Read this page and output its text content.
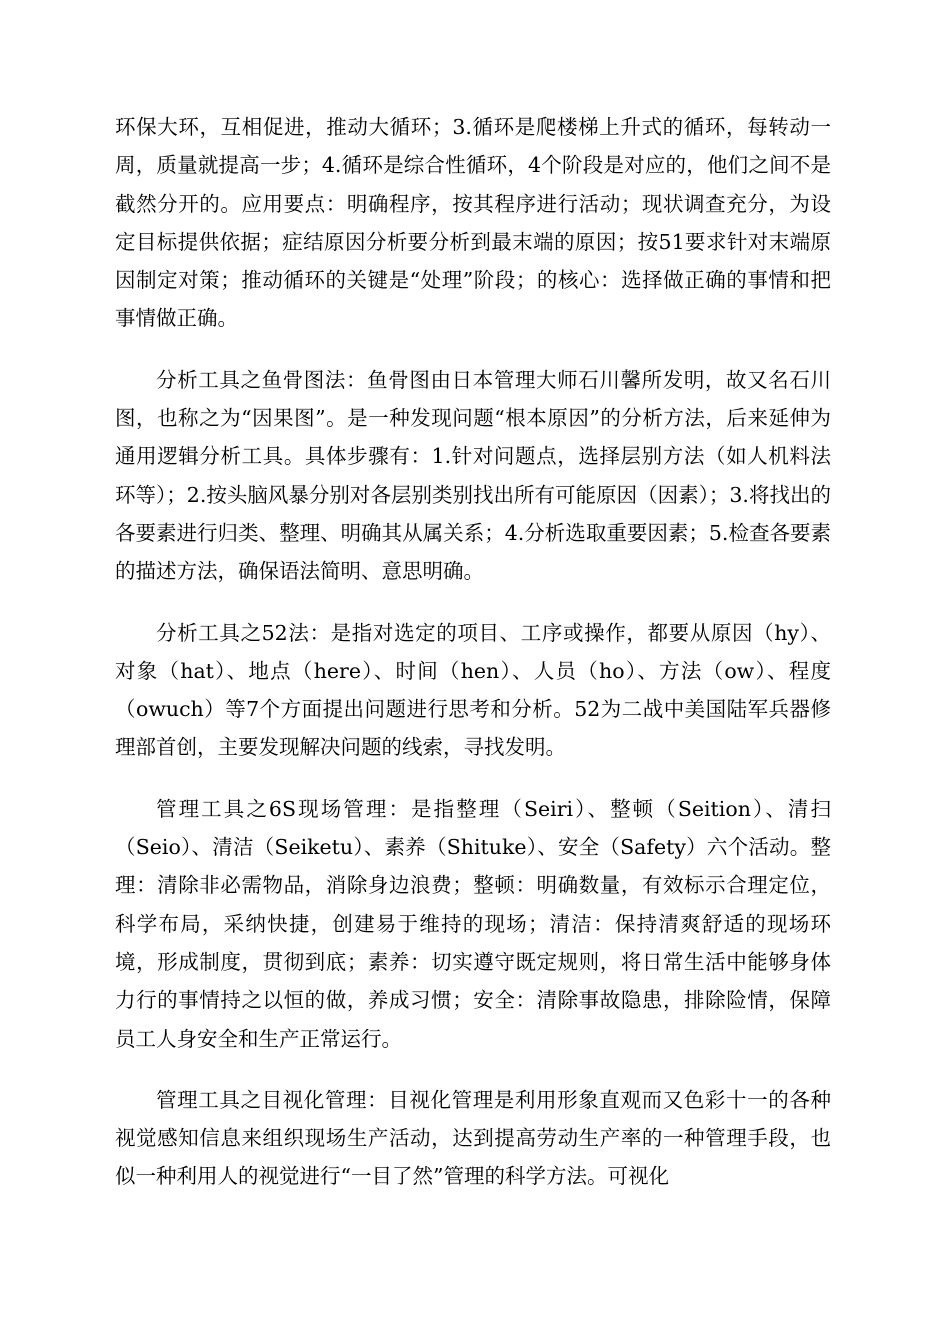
环保大环，互相促进，推动大循环；3.循环是爬楼梯上升式的循环，每转动一周，质量就提高一步；4.循环是综合性循环，4个阶段是对应的，他们之间不是截然分开的。应用要点：明确程序，按其程序进行活动；现状调查充分，为设定目标提供依据；症结原因分析要分析到最末端的原因；按51要求针对末端原因制定对策；推动循环的关键是“处理”阶段；的核心：选择做正确的事情和把事情做正确。

分析工具之鱼骨图法：鱼骨图由日本管理大师石川馨所发明，故又名石川图，也称之为“因果图”。是一种发现问题“根本原因”的分析方法，后来延伸为通用逻辑分析工具。具体步骤有：1.针对问题点，选择层别方法（如人机料法环等）；2.按头脑风暴分别对各层别类别找出所有可能原因（因素）；3.将找出的各要素进行归类、整理、明确其从属关系；4.分析选取重要因素；5.检查各要素的描述方法，确保语法简明、意思明确。

分析工具之52法：是指对选定的项目、工序或操作，都要从原因（hy）、对象（hat）、地点（here）、时间（hen）、人员（ho）、方法（ow）、程度（owuch）等7个方面提出问题进行思考和分析。52为二战中美国陆军兵器修理部首创，主要发现解决问题的线索，寻找发明。

管理工具之6S现场管理：是指整理（Seiri）、整顿（Seition）、清扫（Seio）、清洁（Seiketu）、素养（Shituke）、安全（Safety）六个活动。整理：清除非必需物品，消除身边浪费；整顿：明确数量，有效标示合理定位，科学布局，采纳快捷，创建易于维持的现场；清洁：保持清爽舒适的现场环境，形成制度，贯彻到底；素养：切实遵守既定规则，将日常生活中能够身体力行的事情持之以恒的做，养成习惯；安全：清除事故隐患，排除险情，保障员工人身安全和生产正常运行。

管理工具之目视化管理：目视化管理是利用形象直观而又色彩十一的各种视觉感知信息来组织现场生产活动，达到提高劳动生产率的一种管理手段，也似一种利用人的视觉进行“一目了然”管理的科学方法。可视化
